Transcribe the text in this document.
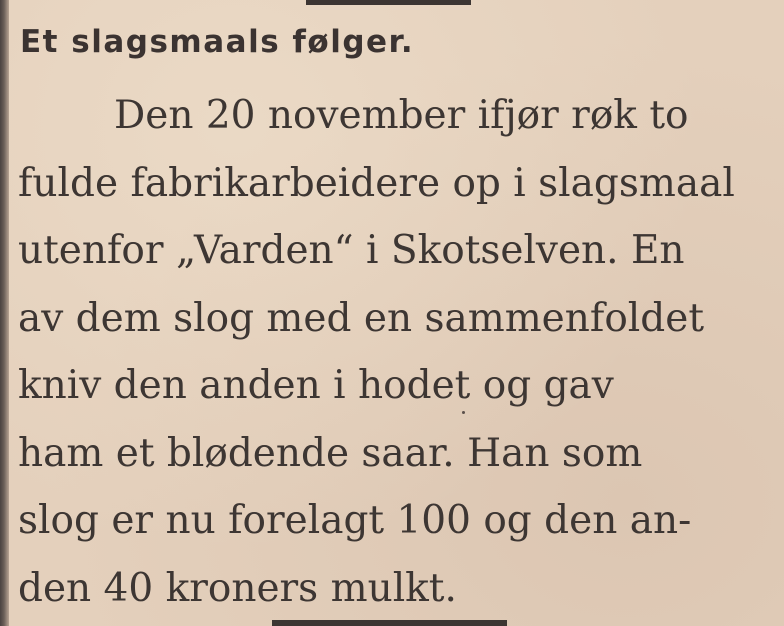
Et slagsmaals følger.
Den 20 november ifjør røk to
fulde fabrikarbeidere op i slagsmaal
utenfor „Varden“ i Skotselven. En
av dem slog med en sammenfoldet
kniv den anden i hodet og gav
ham et blødende saar. Han som
slog er nu forelagt 100 og den an-
den 40 kroners mulkt.
